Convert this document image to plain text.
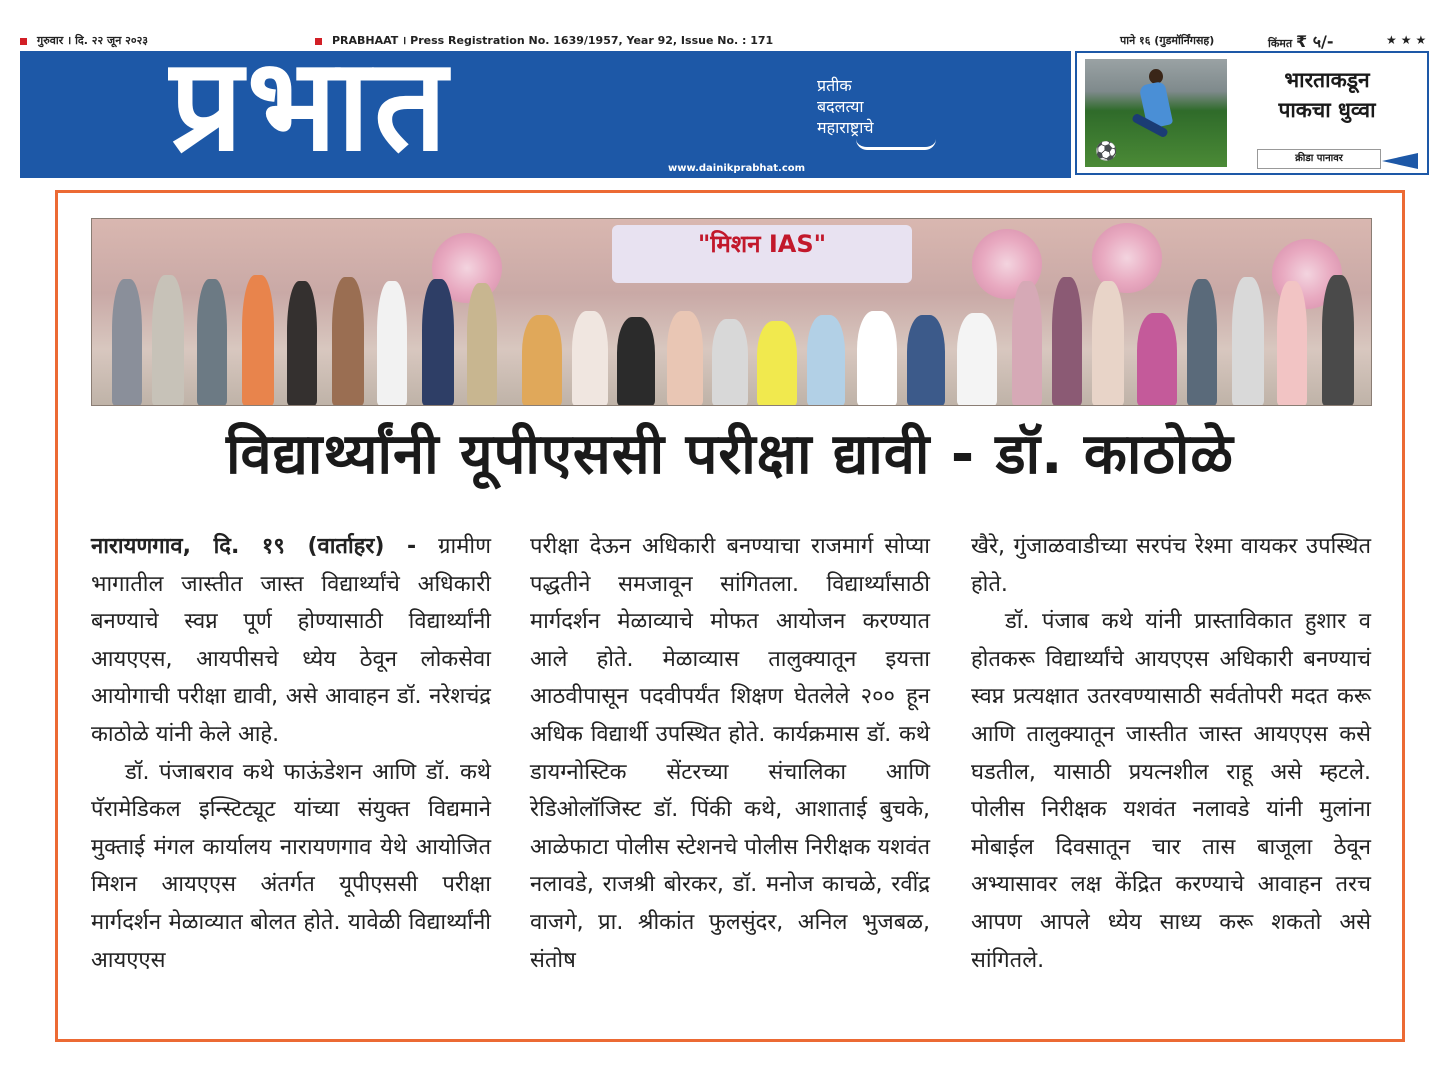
गुरुवार । दि. २२ जून २०२३	PRABHAAT । Press Registration No. 1639/1957, Year 92, Issue No. : 171	पाने १६ (गुडमॉर्निंगसह)	किंमत ₹ ५/-	★★★
प्रभात	प्रतीक
बदलत्या
महाराष्ट्राचे
www.dainikprabhat.com
⚽
भारताकडून
पाकचा धुव्वा
क्रीडा पानावर
"मिशन IAS"
विद्यार्थ्यांनी यूपीएससी परीक्षा द्यावी - डॉ. काठोळे

नारायणगाव, दि. १९ (वार्ताहर) - ग्रामीण भागातील जास्तीत जास्त विद्यार्थ्यांचे अधिकारी बनण्याचे स्वप्न पूर्ण होण्यासाठी विद्यार्थ्यांनी आयएएस, आयपीसचे ध्येय ठेवून लोकसेवा आयोगाची परीक्षा द्यावी, असे आवाहन डॉ. नरेशचंद्र काठोळे यांनी केले आहे.

डॉ. पंजाबराव कथे फाऊंडेशन आणि डॉ. कथे पॅरामेडिकल इन्स्टिट्यूट यांच्या संयुक्त विद्यमाने मुक्ताई मंगल कार्यालय नारायणगाव येथे आयोजित मिशन आयएएस अंतर्गत यूपीएससी परीक्षा मार्गदर्शन मेळाव्यात बोलत होते. यावेळी विद्यार्थ्यांनी आयएएस

परीक्षा देऊन अधिकारी बनण्याचा राजमार्ग सोप्या पद्धतीने समजावून सांगितला. विद्यार्थ्यांसाठी मार्गदर्शन मेळाव्याचे मोफत आयोजन करण्यात आले होते. मेळाव्यास तालुक्यातून इयत्ता आठवीपासून पदवीपर्यंत शिक्षण घेतलेले २०० हून अधिक विद्यार्थी उपस्थित होते. कार्यक्रमास डॉ. कथे डायग्नोस्टिक सेंटरच्या संचालिका आणि रेडिओलॉजिस्ट डॉ. पिंकी कथे, आशाताई बुचके, आळेफाटा पोलीस स्टेशनचे पोलीस निरीक्षक यशवंत नलावडे, राजश्री बोरकर, डॉ. मनोज काचळे, रवींद्र वाजगे, प्रा. श्रीकांत फुलसुंदर, अनिल भुजबळ, संतोष

खैरे, गुंजाळवाडीच्या सरपंच रेश्मा वायकर उपस्थित होते.

डॉ. पंजाब कथे यांनी प्रास्ताविकात हुशार व होतकरू विद्यार्थ्यांचे आयएएस अधिकारी बनण्याचं स्वप्न प्रत्यक्षात उतरवण्यासाठी सर्वतोपरी मदत करू आणि तालुक्यातून जास्तीत जास्त आयएएस कसे घडतील, यासाठी प्रयत्नशील राहू असे म्हटले. पोलीस निरीक्षक यशवंत नलावडे यांनी मुलांना मोबाईल दिवसातून चार तास बाजूला ठेवून अभ्यासावर लक्ष केंद्रित करण्याचे आवाहन तरच आपण आपले ध्येय साध्य करू शकतो असे सांगितले.
